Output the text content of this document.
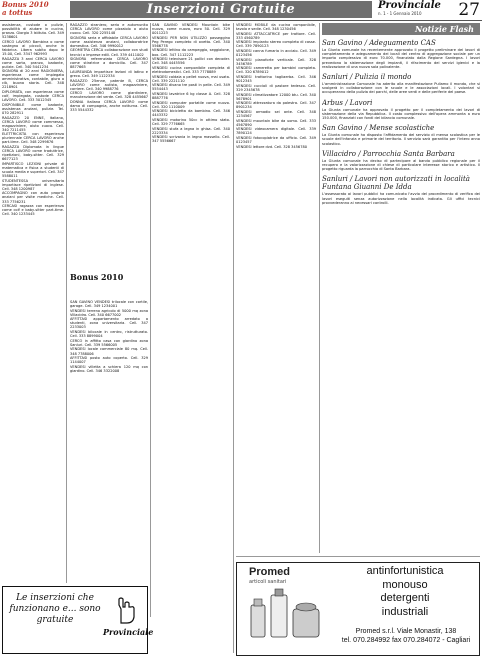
Bonus 2010
a tottus	Inserzioni Gratuite	Provinciale
n. 1 - 1 Gennaio 2010	27

assistenza, custode o pulizie, possibilità di aiutare in cucina, pranzo. Giorgio 3 Istituto. Cell. 349 5238601

CERCO LAVORO Bambina o come sostegno ai piccoli, anche in fabbrica. Libera subito dopo le 15.00, Cell. 3347 962993

RAGAZZA 3 anni CERCA LAVORO come sarta, pranzo, badante, pulizie. Cell. 340 5441234

SIGNORA di 20 anni RAGIONIERA, esperienza come impiegata amministrativa, contabile, giura a ciò, buona storia. Cell. 348 2218901

DIPLOMATA, con esperienza come colf, impiegata, custode CERCA LAVORO. Cell. 333 3012345

DISPONIBILE come badante, assistenza anziani, pulizie. Tel. 070 282911

RAGAZZO 20 ENNE, italiano, CERCA LAVORO come commesso, magazziniere, aiuto cuoco. Cell. 340 7211455

ELETTRICISTA con esperienza pluriennale CERCA LAVORO anche part-time. Cell. 348 2299876

RAGAZZA Diplomata in lingue CERCA LAVORO come traduttrice, ripetizioni, baby-sitter. Cell. 329 6677123

IMPARTISCO LEZIONI private di matematica e fisica a studenti di scuola media e superiori. Cell. 347 5588011

STUDENTESSA universitaria impartisce ripetizioni di inglese. Cell. 348 1200987

ACCOMPAGNO con auto propria anziani per visite mediche. Cell. 333 7756231

CERCASI ragazza con esperienza come colf e baby-sitter part-time. Cell. 340 1233445

RAGAZZO straniero, serio e automunito CERCA LAVORO come pizzaiolo o aiuto cuoco. Cell. 320 2255148

SIGNORA seria e affidabile CERCA LAVORO come assistenza anziani, collaboratrice domestica. Cell. 346 9990012

GEOMETRA CERCA collaborazione con studi tecnici o imprese edili. Cell. 339 4411002

SIGNORA referenziata CERCA LAVORO come stiratrice a domicilio. Cell. 347 8877665

LAUREANDA impartisce lezioni di latino e greco. Cell. 349 1122334

RAGAZZO 25enne, patente B, CERCA LAVORO come autista, magazziniere, corriere. Cell. 340 9988776

CERCO LAVORO come giardiniere, manutenzione del verde. Cell. 328 4455667

DONNA italiana CERCA LAVORO come dama di compagnia, anche notturna. Cell. 333 5544332

Bonus 2010

SAN GAVINO VENDESI trilocale con cortile, garage. Cell. 349 1234001

VENDESI terreno agricolo di 5000 mq zona Villacidro. Cell. 340 6677002

AFFITTASI appartamento arredato a studenti, zona universitaria. Cell. 347 2233003

VENDESI bilocale in centro, ristrutturato. Cell. 333 8899004

CERCO in affitto casa con giardino zona Sanluri. Cell. 339 5566005

VENDESI locale commerciale 80 mq. Cell. 348 7788006

AFFITTASI posto auto coperto. Cell. 329 1144007

VENDESI villetta a schiera 120 mq con giardino. Cell. 346 3322008

SAN GAVINO VENDESI Mountain bike nuova, come nuova, euro 50. Cell. 329 0011223

VENDESI PER NON UTILIZZO passeggino Peg Perego completo di ovetto. Cell. 340 5566778

VENDESI lettino da campeggio, seggiolone, box. Cell. 347 1112223

VENDESI televisore 21 pollici con decoder. Cell. 348 4445556

VENDESI cucina componibile completa di elettrodomestici. Cell. 333 7778889

VENDESI caldaia a pellet nuova, mai usata. Cell. 339 2221110

VENDESI divano tre posti in pelle. Cell. 349 5554443

VENDESI lavatrice 6 kg classe A. Cell. 328 8887776

VENDESI computer portatile come nuovo. Cell. 320 1110009

VENDESI bicicletta da bambino. Cell. 346 4443332

VENDESI motorino 50cc in ottimo stato. Cell. 329 7776665

VENDESI stufa a legna in ghisa. Cell. 340 2223334

VENDESI scrivania in legno massello. Cell. 347 5556667

VENDESI MOBILE da cucina componibile, tavolo e sedie. Cell. 348 1230456

VENDESI ATTACCATRICE per trattore. Cell. 333 4560789

VENDESI impianto stereo completo di casse. Cell. 339 7890123

VENDESI canna fumaria in acciaio. Cell. 349 0123456

VENDESI pianoforte verticale. Cell. 328 3456789

VENDESI cameretta per bambini completa. Cell. 320 6789012

VENDESI trattorino tagliaerba. Cell. 346 9012345

VENDESI cuccioli di pastore tedesco. Cell. 329 2345678

VENDESI climatizzatore 12000 btu. Cell. 340 5678901

VENDESI attrezzatura da palestra. Cell. 347 8901234

VENDESI armadio sei ante. Cell. 348 1234567

VENDESI mountain bike da uomo. Cell. 333 4567890

VENDESI videocamera digitale. Cell. 339 7890124

VENDESI fotocopiatrice da ufficio. Cell. 349 0123457

VENDESI lettore dvd. Cell. 328 3456780

Le inserzioni che funzionano e... sono gratuite
Provinciale
Notizie Flash
San Gavino / Adeguamento CAS

La Giunta comunale ha recentemente approvato il progetto preliminare dei lavori di completamento e adeguamento dei locali del centro di aggregazione sociale per un importo complessivo di euro 70.000, finanziato dalla Regione Sardegna. I lavori prevedono la sistemazione degli impianti, il rifacimento dei servizi igienici e la realizzazione di una nuova sala polivalente.

Sanluri / Pulizia il mondo

L'amministrazione Comunale ha aderito alla manifestazione Puliamo il mondo, che si svolgerà in collaborazione con le scuole e le associazioni locali. I volontari si occuperanno della pulizia dei parchi, delle aree verdi e delle periferie del paese.

Arbus / Lavori

La Giunta comunale ha approvato il progetto per il completamento dei lavori di sistemazione della via Repubblica. Il costo complessivo dell'opera ammonta a euro 150.000, finanziati con fondi del bilancio comunale.

San Gavino / Mense scolastiche

La Giunta comunale ha disposto l'affidamento del servizio di mensa scolastica per le scuole dell'infanzia e primarie del territorio. Il servizio sarà garantito per l'intero anno scolastico.

Villacidro / Parrocchia Santa Barbara

La Giunta comunale ha deciso di partecipare al bando pubblico regionale per il recupero e la valorizzazione di chiese di particolare interesse storico e artistico. Il progetto riguarda la parrocchia di Santa Barbara.

Sanluri / Lavori non autorizzati in località Funtana Giuanni De Idda

L'assessorato ai lavori pubblici ha comunicato l'avvio del procedimento di verifica dei lavori eseguiti senza autorizzazione nella località indicata. Gli uffici tecnici provvederanno ai necessari controlli.

Promed
articoli sanitari
antinfortunistica
monouso
detergenti
industriali
Promed s.r.l. Viale Monastir, 138
tel. 070.284992 fax 070.284072 - Cagliari
